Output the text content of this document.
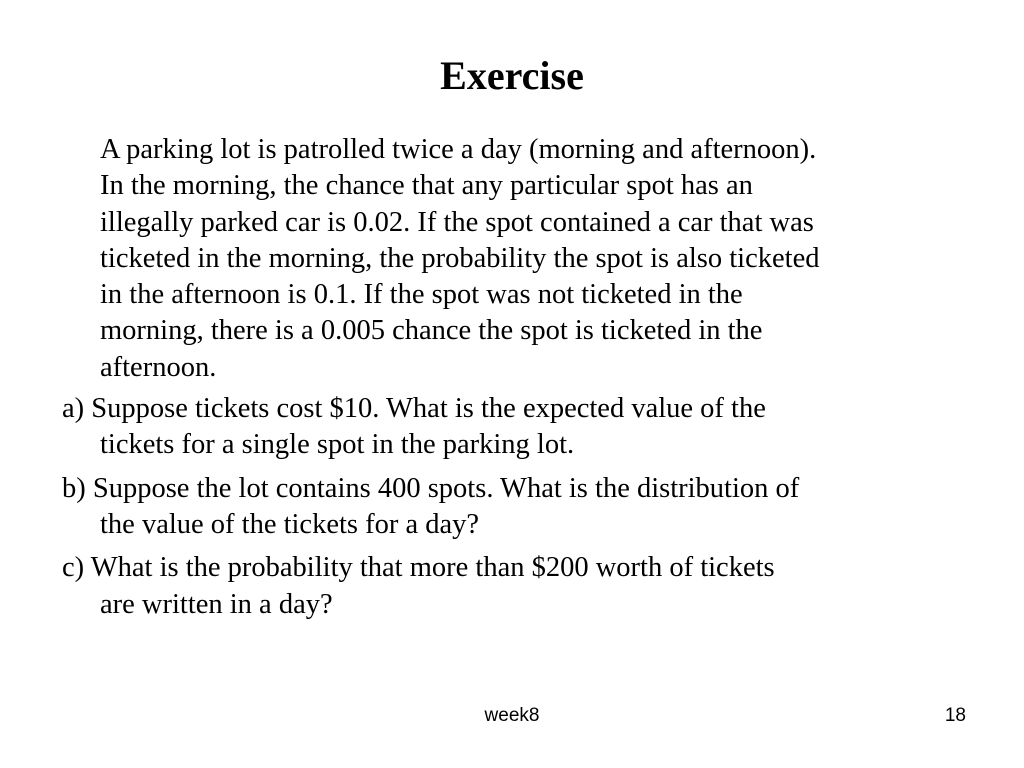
Exercise

A parking lot is patrolled twice a day (morning and afternoon).
In the morning, the chance that any particular spot has an
illegally parked car is 0.02. If the spot contained a car that was
ticketed in the morning, the probability the spot is also ticketed
in the afternoon is 0.1. If the spot was not ticketed in the
morning, there is a 0.005 chance the spot is ticketed in the
afternoon.

a) Suppose tickets cost $10. What is the expected value of the
tickets for a single spot in the parking lot.

b) Suppose the lot contains 400 spots. What is the distribution of
the value of the tickets for a day?

c) What is the probability that more than $200 worth of tickets
are written in a day?

week8	18
